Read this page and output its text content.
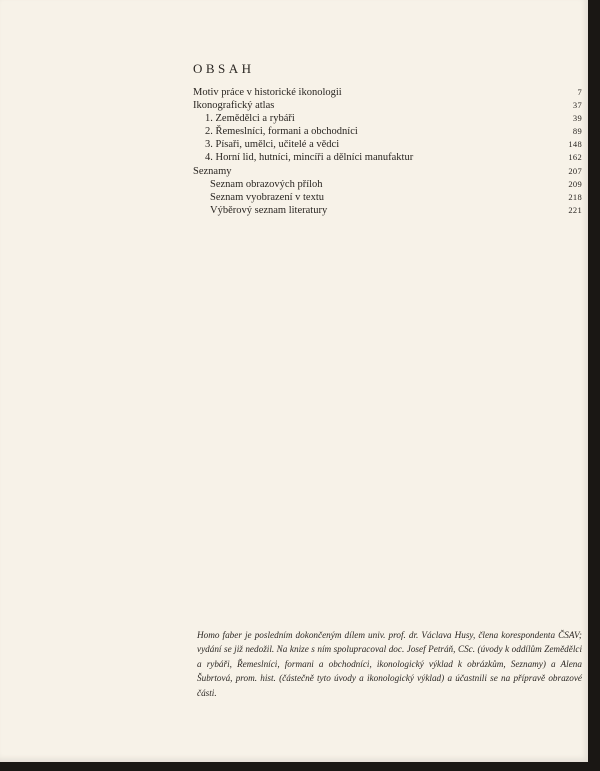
OBSAH
Motiv práce v historické ikonologii	7
Ikonografický atlas	37
1. Zemědělci a rybáři	39
2. Řemeslníci, formani a obchodníci	89
3. Písaři, umělci, učitelé a vědci	148
4. Horní lid, hutníci, mincíři a dělníci manufaktur	162
Seznamy	207
Seznam obrazových příloh	209
Seznam vyobrazení v textu	218
Výběrový seznam literatury	221
Homo faber je posledním dokončeným dílem univ. prof. dr. Václava Husy, člena korespondenta ČSAV; vydání se již nedožil. Na knize s ním spolupracoval doc. Josef Petráň, CSc. (úvody k oddílům Zemědělci a rybáři, Řemeslníci, formani a obchodníci, ikonologický výklad k obrázkům, Seznamy) a Alena Šubrtová, prom. hist. (částečně tyto úvody a ikonologický výklad) a účastnili se na přípravě obrazové části.
